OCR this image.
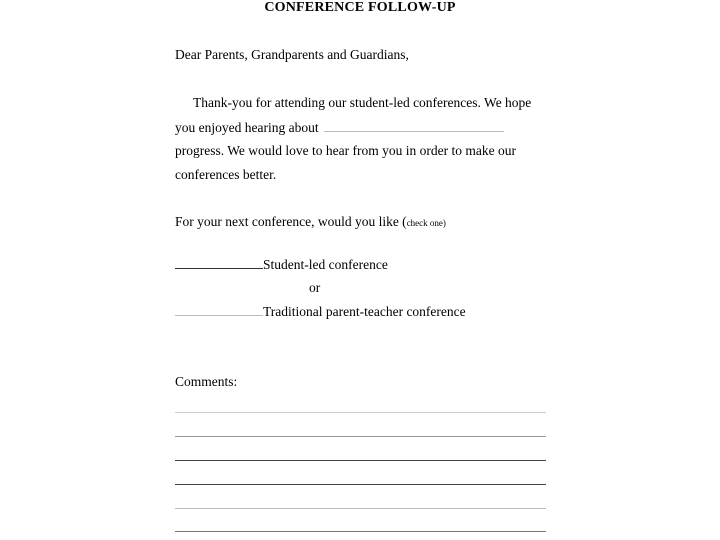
CONFERENCE FOLLOW-UP
Dear Parents, Grandparents and Guardians,
Thank-you for attending our student-led conferences. We hope
you enjoyed hearing about
progress. We would love to hear from you in order to make our
conferences better.
For your next conference, would you like (check one)
Student-led conference
or
Traditional parent-teacher conference
Comments:
